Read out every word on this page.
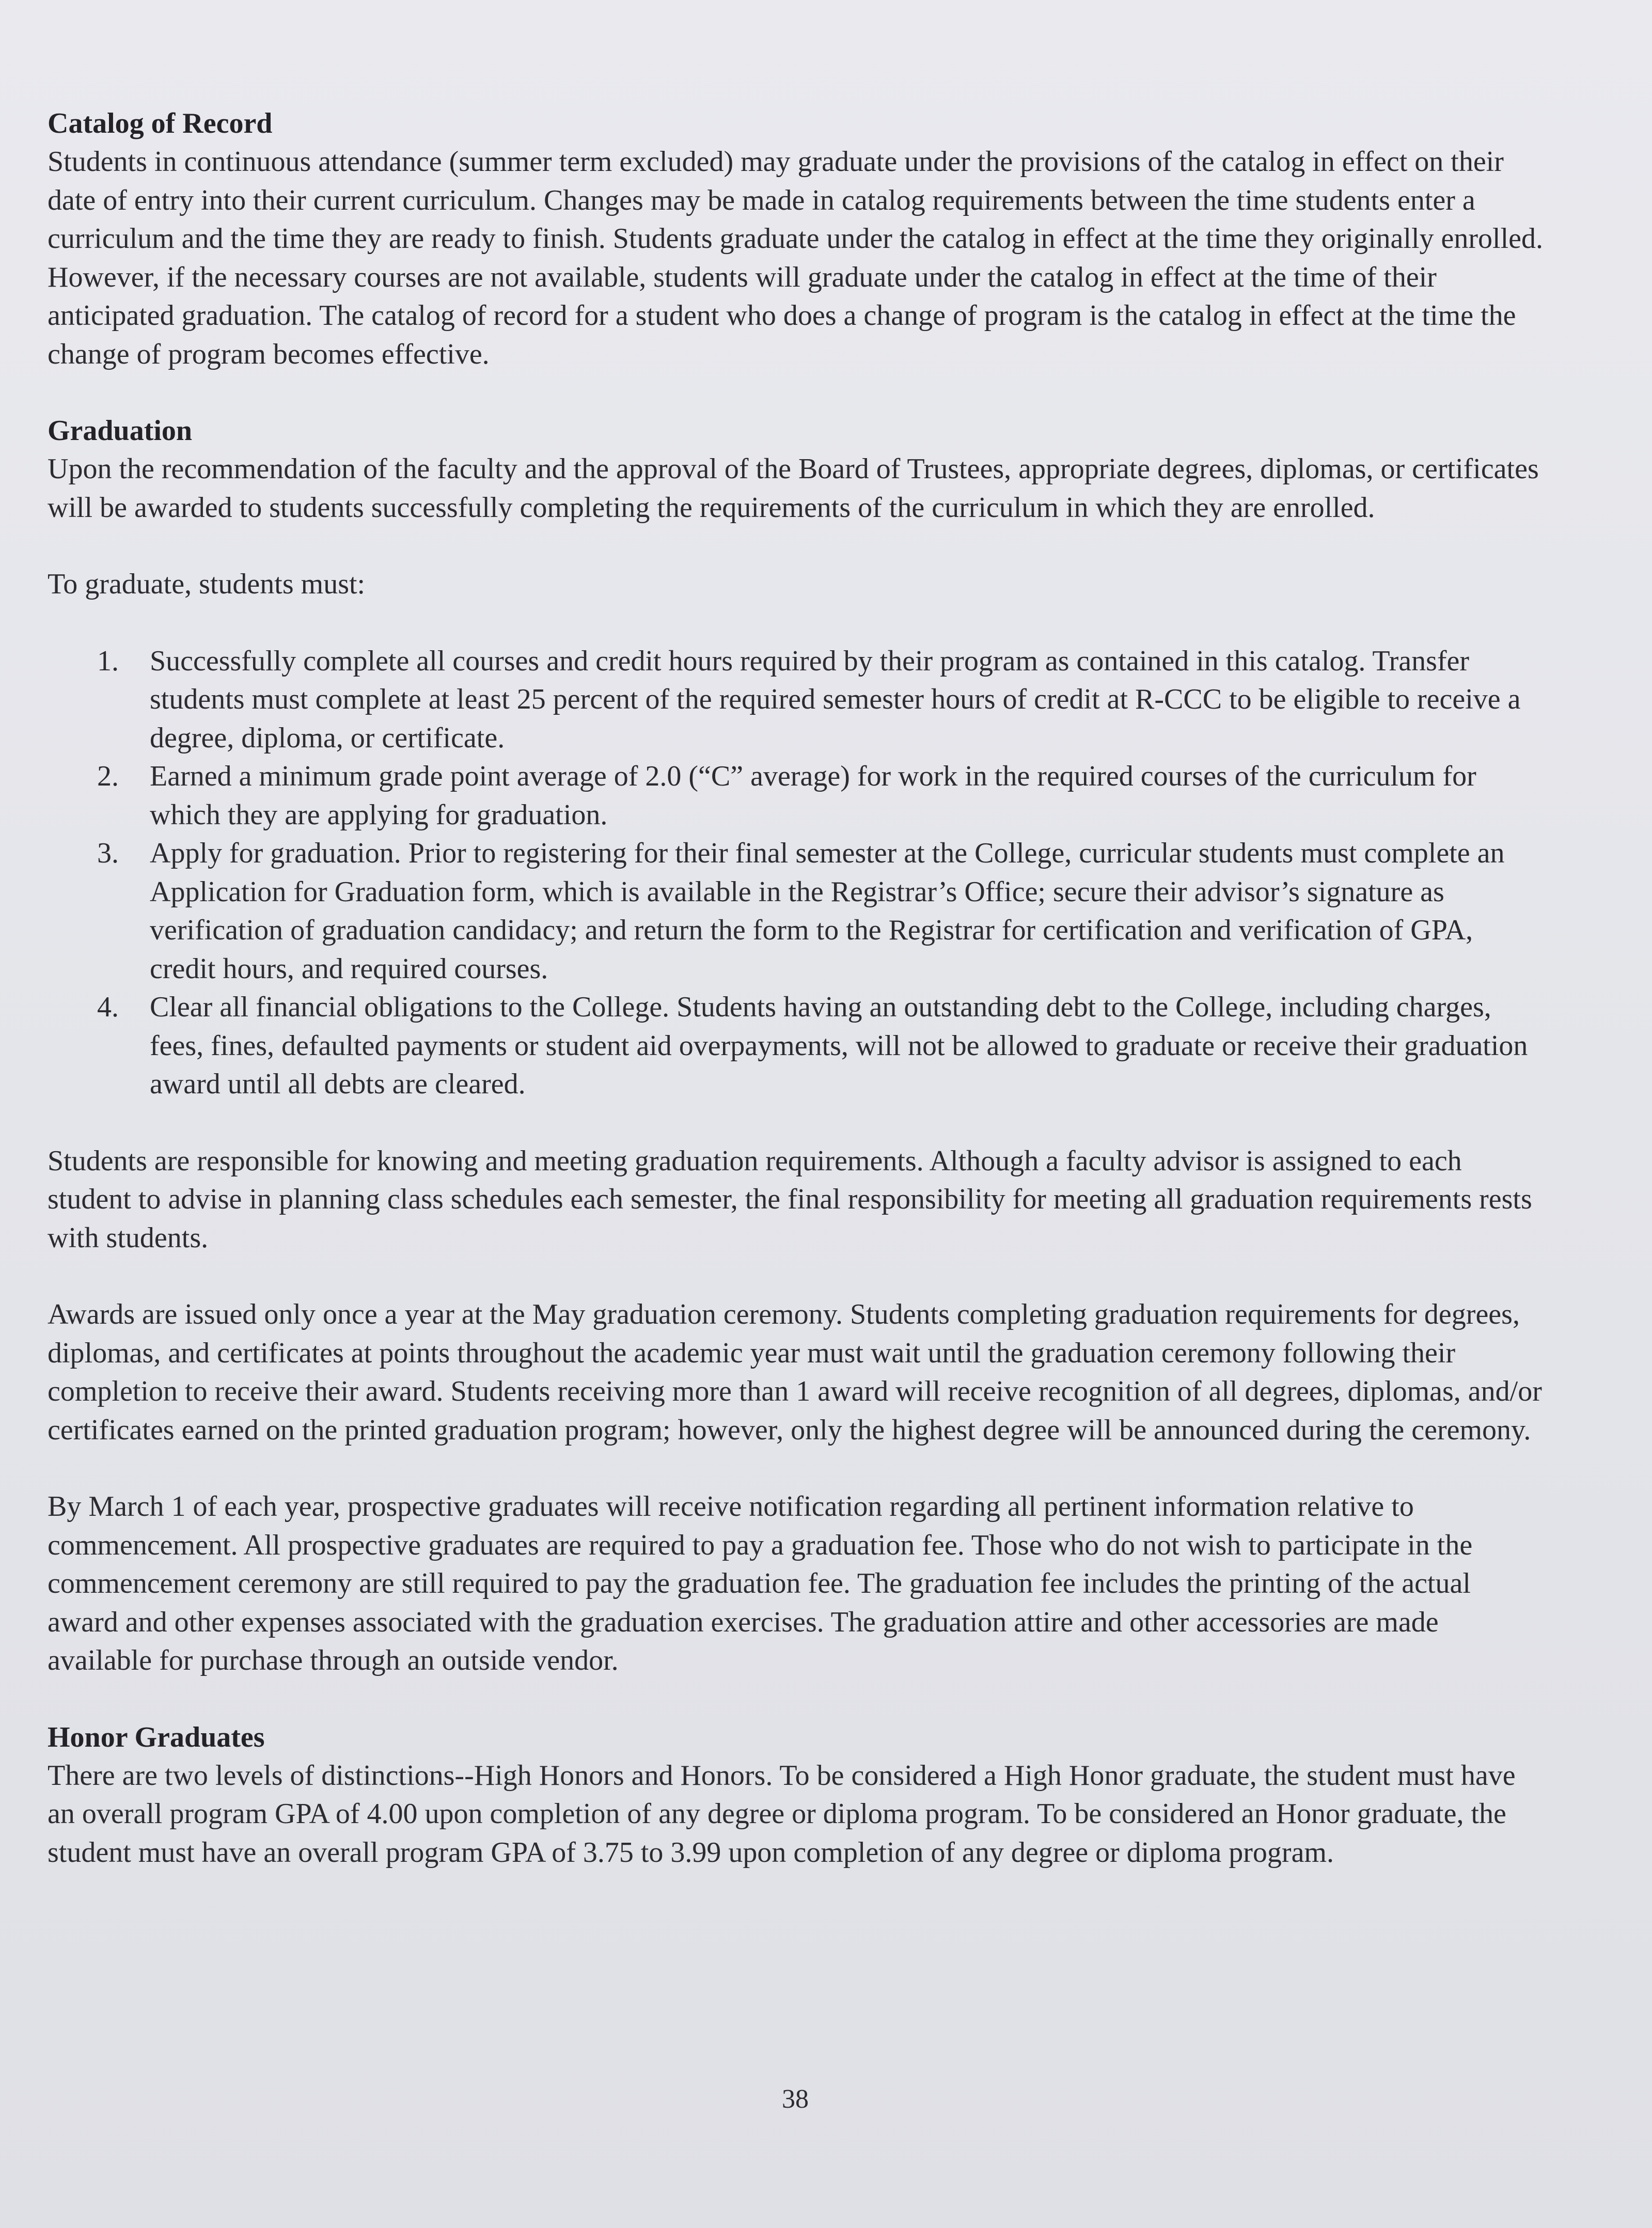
Catalog of Record

Students in continuous attendance (summer term excluded) may graduate under the provisions of the catalog in effect on their date of entry into their current curriculum. Changes may be made in catalog requirements between the time students enter a curriculum and the time they are ready to finish. Students graduate under the catalog in effect at the time they originally enrolled. However, if the necessary courses are not available, students will graduate under the catalog in effect at the time of their anticipated graduation. The catalog of record for a student who does a change of program is the catalog in effect at the time the change of program becomes effective.

Graduation

Upon the recommendation of the faculty and the approval of the Board of Trustees, appropriate degrees, diplomas, or certificates will be awarded to students successfully completing the requirements of the curriculum in which they are enrolled.

To graduate, students must:

1. Successfully complete all courses and credit hours required by their program as contained in this catalog. Transfer students must complete at least 25 percent of the required semester hours of credit at R-CCC to be eligible to receive a degree, diploma, or certificate.
2. Earned a minimum grade point average of 2.0 (“C” average) for work in the required courses of the curriculum for which they are applying for graduation.
3. Apply for graduation. Prior to registering for their final semester at the College, curricular students must complete an Application for Graduation form, which is available in the Registrar’s Office; secure their advisor’s signature as verification of graduation candidacy; and return the form to the Registrar for certification and verification of GPA, credit hours, and required courses.
4. Clear all financial obligations to the College. Students having an outstanding debt to the College, including charges, fees, fines, defaulted payments or student aid overpayments, will not be allowed to graduate or receive their graduation award until all debts are cleared.

Students are responsible for knowing and meeting graduation requirements. Although a faculty advisor is assigned to each student to advise in planning class schedules each semester, the final responsibility for meeting all graduation requirements rests with students.

Awards are issued only once a year at the May graduation ceremony. Students completing graduation requirements for degrees, diplomas, and certificates at points throughout the academic year must wait until the graduation ceremony following their completion to receive their award. Students receiving more than 1 award will receive recognition of all degrees, diplomas, and/or certificates earned on the printed graduation program; however, only the highest degree will be announced during the ceremony.

By March 1 of each year, prospective graduates will receive notification regarding all pertinent information relative to commencement. All prospective graduates are required to pay a graduation fee. Those who do not wish to participate in the commencement ceremony are still required to pay the graduation fee. The graduation fee includes the printing of the actual award and other expenses associated with the graduation exercises. The graduation attire and other accessories are made available for purchase through an outside vendor.

Honor Graduates

There are two levels of distinctions--High Honors and Honors. To be considered a High Honor graduate, the student must have an overall program GPA of 4.00 upon completion of any degree or diploma program. To be considered an Honor graduate, the student must have an overall program GPA of 3.75 to 3.99 upon completion of any degree or diploma program.

38
